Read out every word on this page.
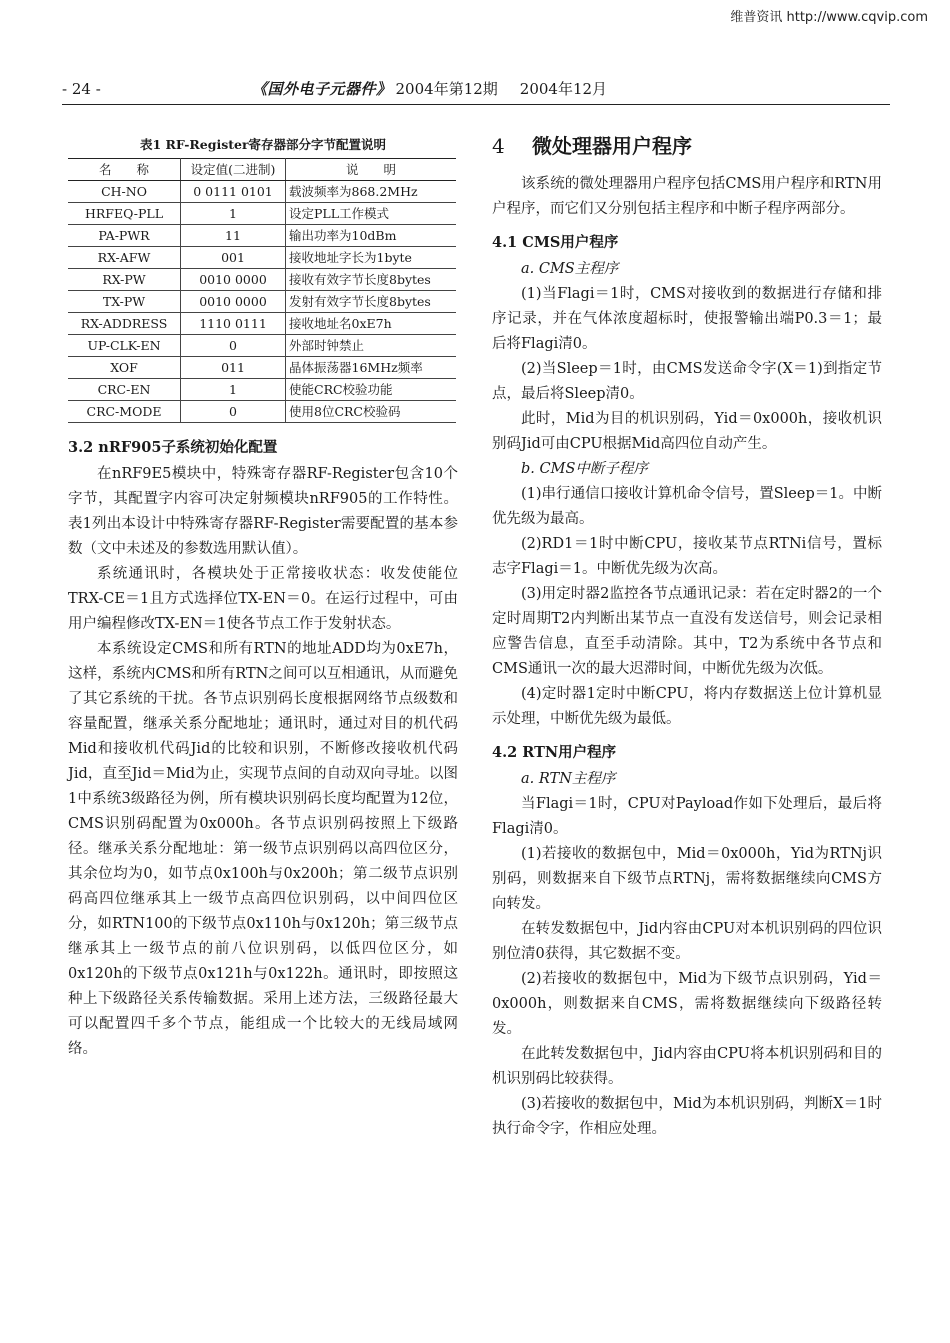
维普资讯 http://www.cqvip.com
- 24 -	《国外电子元器件》 2004年第12期 2004年12月
表1 RF-Register寄存器部分字节配置说明
名　　称	设定值(二进制)	说　　明
CH-NO	0 0111 0101	载波频率为868.2MHz
HRFEQ-PLL	1	设定PLL工作模式
PA-PWR	11	输出功率为10dBm
RX-AFW	001	接收地址字长为1byte
RX-PW	0010 0000	接收有效字节长度8bytes
TX-PW	0010 0000	发射有效字节长度8bytes
RX-ADDRESS	1110 0111	接收地址名0xE7h
UP-CLK-EN	0	外部时钟禁止
XOF	011	晶体振荡器16MHz频率
CRC-EN	1	使能CRC校验功能
CRC-MODE	0	使用8位CRC校验码
3.2 nRF905子系统初始化配置

在nRF9E5模块中，特殊寄存器RF-Register包含10个字节，其配置字内容可决定射频模块nRF905的工作特性。表1列出本设计中特殊寄存器RF-Register需要配置的基本参数（文中未述及的参数选用默认值）。

系统通讯时，各模块处于正常接收状态：收发使能位TRX-CE＝1且方式选择位TX-EN＝0。在运行过程中，可由用户编程修改TX-EN＝1使各节点工作于发射状态。

本系统设定CMS和所有RTN的地址ADD均为0xE7h，这样，系统内CMS和所有RTN之间可以互相通讯，从而避免了其它系统的干扰。各节点识别码长度根据网络节点级数和容量配置，继承关系分配地址；通讯时，通过对目的机代码Mid和接收机代码Jid的比较和识别，不断修改接收机代码Jid，直至Jid＝Mid为止，实现节点间的自动双向寻址。以图1中系统3级路径为例，所有模块识别码长度均配置为12位，CMS识别码配置为0x000h。各节点识别码按照上下级路径。继承关系分配地址：第一级节点识别码以高四位区分，其余位均为0，如节点0x100h与0x200h；第二级节点识别码高四位继承其上一级节点高四位识别码，以中间四位区分，如RTN100的下级节点0x110h与0x120h；第三级节点继承其上一级节点的前八位识别码，以低四位区分，如0x120h的下级节点0x121h与0x122h。通讯时，即按照这种上下级路径关系传输数据。采用上述方法，三级路径最大可以配置四千多个节点，能组成一个比较大的无线局域网络。

4 微处理器用户程序

该系统的微处理器用户程序包括CMS用户程序和RTN用户程序，而它们又分别包括主程序和中断子程序两部分。

4.1 CMS用户程序

a. CMS主程序

(1)当Flagi＝1时，CMS对接收到的数据进行存储和排序记录，并在气体浓度超标时，使报警输出端P0.3＝1；最后将Flagi清0。

(2)当Sleep＝1时，由CMS发送命令字(X＝1)到指定节点，最后将Sleep清0。

此时，Mid为目的机识别码，Yid＝0x000h，接收机识别码Jid可由CPU根据Mid高四位自动产生。

b. CMS中断子程序

(1)串行通信口接收计算机命令信号，置Sleep＝1。中断优先级为最高。

(2)RD1＝1时中断CPU，接收某节点RTNi信号，置标志字Flagi＝1。中断优先级为次高。

(3)用定时器2监控各节点通讯记录：若在定时器2的一个定时周期T2内判断出某节点一直没有发送信号，则会记录相应警告信息，直至手动清除。其中，T2为系统中各节点和CMS通讯一次的最大迟滞时间，中断优先级为次低。

(4)定时器1定时中断CPU，将内存数据送上位计算机显示处理，中断优先级为最低。

4.2 RTN用户程序

a. RTN主程序

当Flagi＝1时，CPU对Payload作如下处理后，最后将Flagi清0。

(1)若接收的数据包中，Mid＝0x000h，Yid为RTNj识别码，则数据来自下级节点RTNj，需将数据继续向CMS方向转发。

在转发数据包中，Jid内容由CPU对本机识别码的四位识别位清0获得，其它数据不变。

(2)若接收的数据包中，Mid为下级节点识别码，Yid＝0x000h，则数据来自CMS，需将数据继续向下级路径转发。

在此转发数据包中，Jid内容由CPU将本机识别码和目的机识别码比较获得。

(3)若接收的数据包中，Mid为本机识别码，判断X＝1时执行命令字，作相应处理。
